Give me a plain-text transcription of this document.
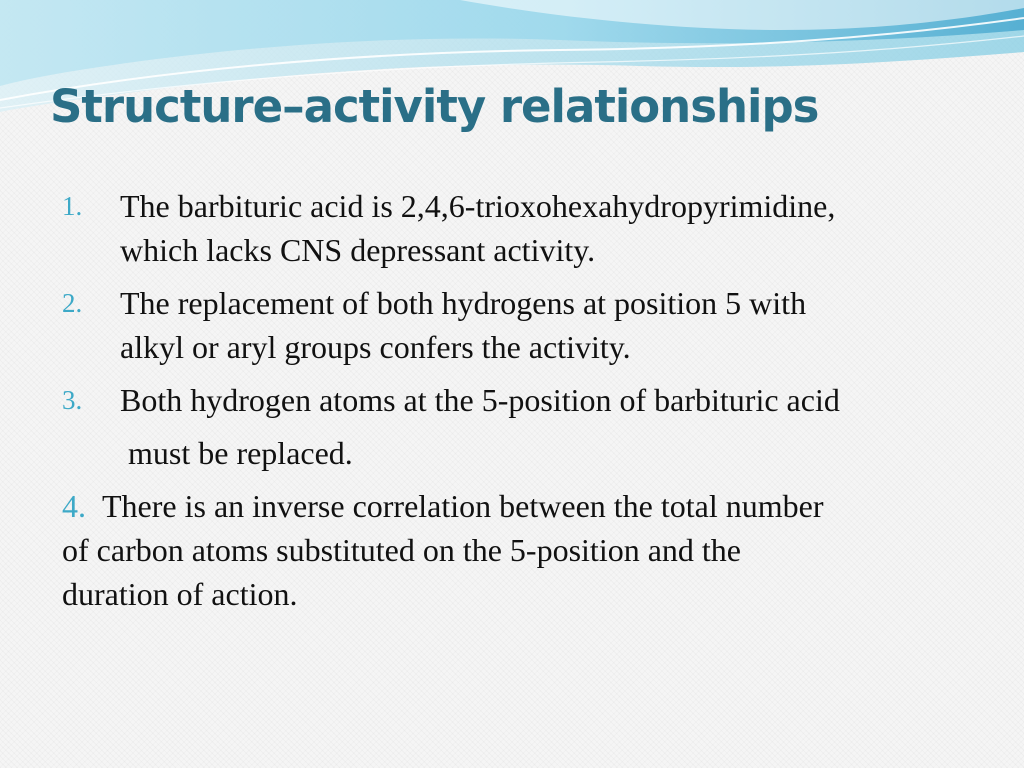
Structure–activity relationships
1. The barbituric acid is 2,4,6-trioxohexahydropyrimidine,
which lacks CNS depressant activity.
2. The replacement of both hydrogens at position 5 with
alkyl or aryl groups confers the activity.
3. Both hydrogen atoms at the 5-position of barbituric acid
must be replaced.
4. There is an inverse correlation between the total number
of carbon atoms substituted on the 5-position and the
duration of action.
